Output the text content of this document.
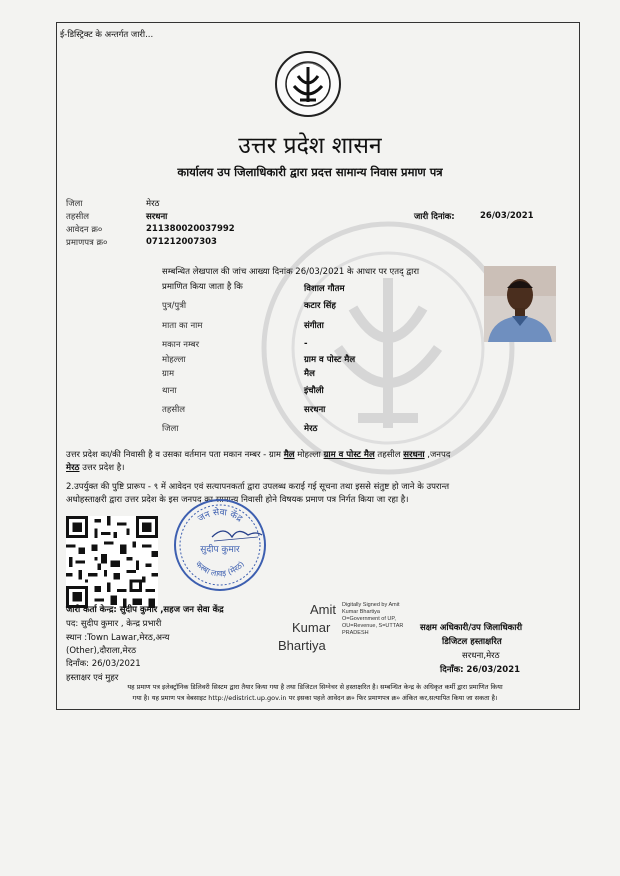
ई-डिस्ट्रिक्ट के अन्तर्गत जारी...
उत्तर प्रदेश शासन
कार्यालय उप जिलाधिकारी द्वारा प्रदत्त सामान्य निवास प्रमाण पत्र
जिला	मेरठ
तहसील	सरधना
आवेदन क्र०	211380020037992
प्रमाणपत्र क्र०	071212007303
जारी दिनांक:	26/03/2021
सम्बन्धित लेखपाल की जांच आख्या दिनांक 26/03/2021 के आधार पर एतद् द्वारा
प्रमाणित किया जाता है कि	विशाल गौतम
पुत्र/पुत्री	कटार सिंह
माता का नाम	संगीता
मकान नम्बर	-
मोहल्ला	ग्राम व पोस्ट मैल
ग्राम	मैल
थाना	इंचौली
तहसील	सरधना
जिला	मेरठ
उत्तर प्रदेश का/की निवासी है व उसका वर्तमान पता मकान नम्बर - ग्राम मैल मोहल्ला ग्राम व पोस्ट मैल तहसील सरधना ,जनपद
मेरठ उत्तर प्रदेश है।
2.उपर्युक्त की पुष्टि प्रारूप - ९ में आवेदन एवं सत्यापनकर्ता द्वारा उपलब्ध कराई गई सूचना तथा इससे संतुष्ट हो जाने के उपरान्त
अधोहस्ताक्षरी द्वारा उत्तर प्रदेश के इस जनपद का सामान्य निवासी होने विषयक प्रमाण पत्र निर्गत किया जा रहा है।
जन सेवा केंद्र
कस्बा लावड़ (मेरठ)
सुदीप कुमार
जारी कर्ता केन्द्र: सुदीप कुमार ,सहज जन सेवा केंद्र
पद: सुदीप कुमार , केन्द्र प्रभारी
स्थान :Town Lawar,मेरठ,अन्य
(Other),दौराला,मेरठ
दिनाँक: 26/03/2021
हस्ताक्षर एवं मुहर
Amit
Kumar
Bhartiya
Digitally Signed by Amit
Kumar Bhartiya
O=Government of UP,
OU=Revenue, S=UTTAR
PRADESH	सक्षम अधिकारी/उप जिलाधिकारी
डिजिटल हस्ताक्षरित
सरधना,मेरठ
दिनाँक: 26/03/2021
यह प्रमाण पत्र इलेक्ट्रॉनिक डिलिवरी सिस्टम द्वारा तैयार किया गया है तथा डिजिटल सिग्नेचर से हस्ताक्षरित है। सम्बन्धित केन्द्र के अधिकृत कर्मी द्वारा प्रमाणित किया
गया है। यह प्रमाण पत्र वेबसाइट http://edistrict.up.gov.in पर इसका पहले आवेदन क्र० फिर प्रमाणपत्र क्र० अंकित कर,सत्यापित किया जा सकता है।
